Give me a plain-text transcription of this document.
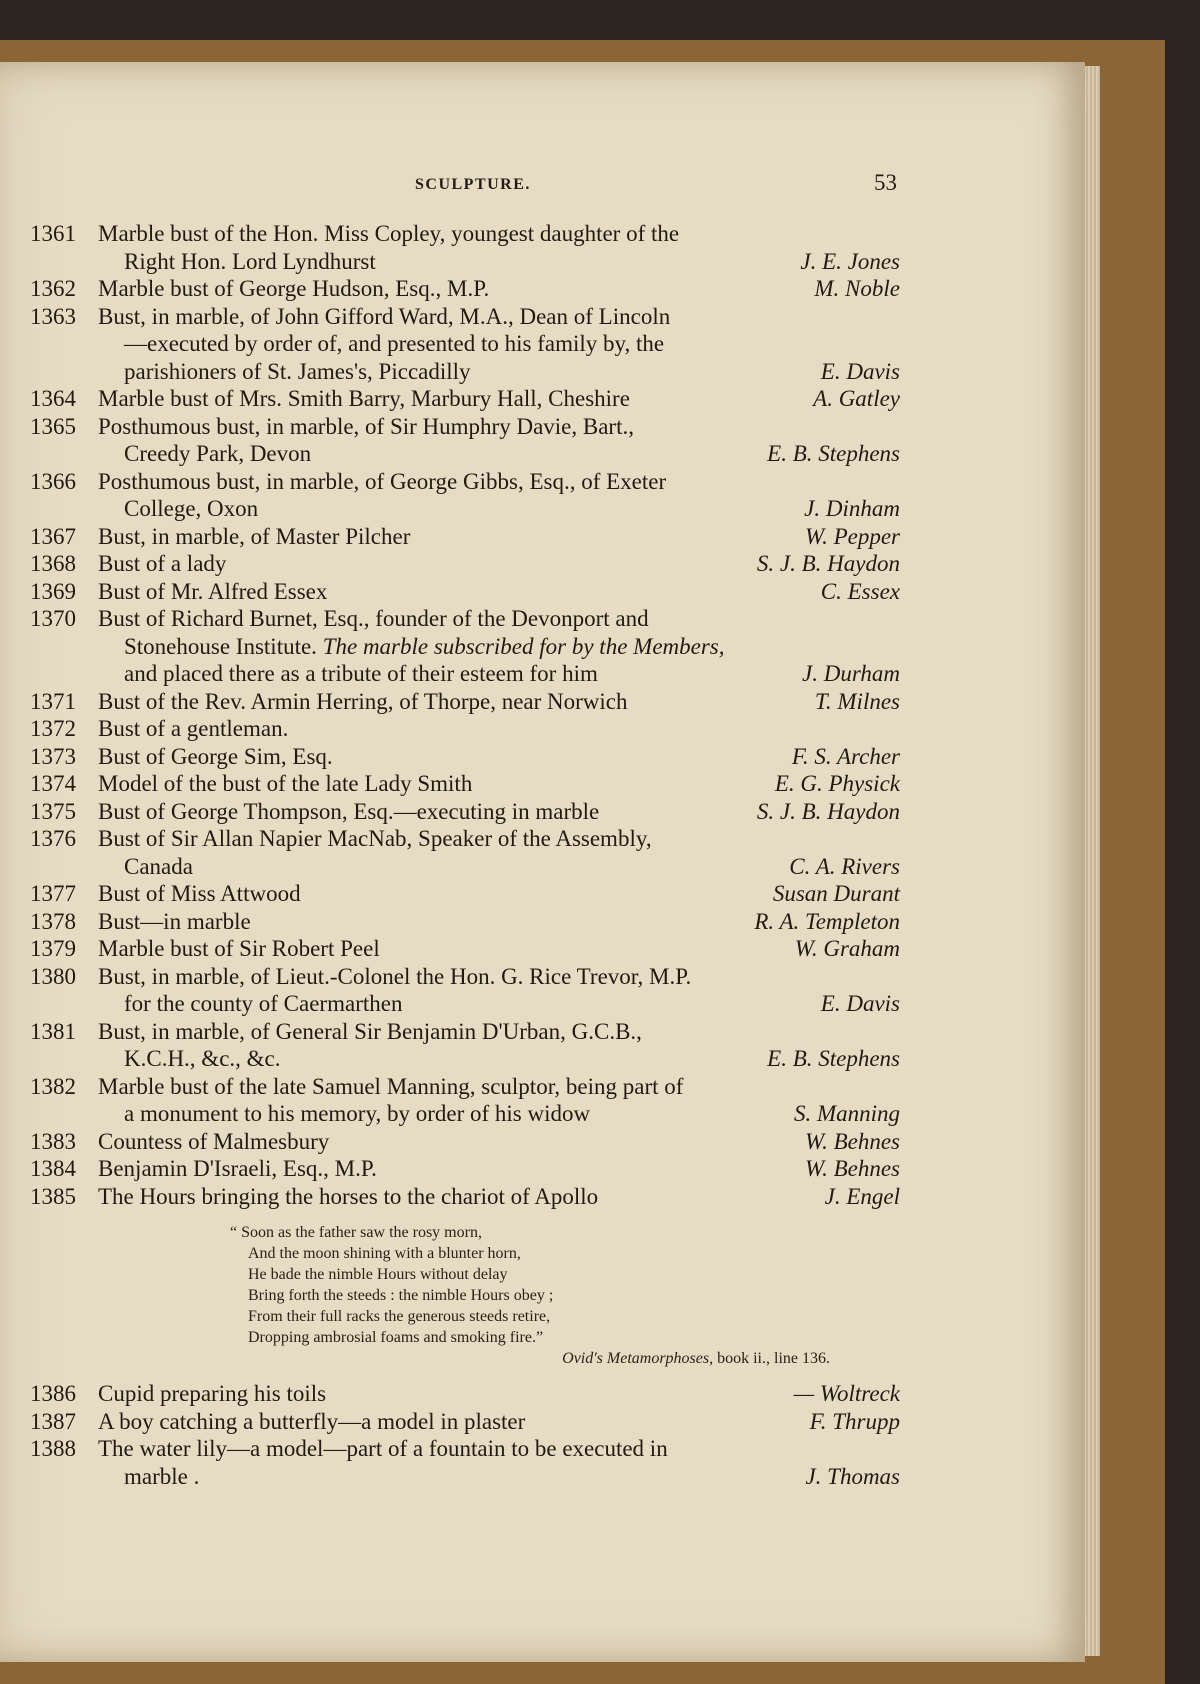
SCULPTURE.	53
1361 Marble bust of the Hon. Miss Copley, youngest daughter of the
Right Hon. Lord Lyndhurst	J. E. Jones
1362 Marble bust of George Hudson, Esq., M.P.	M. Noble
1363 Bust, in marble, of John Gifford Ward, M.A., Dean of Lincoln
—executed by order of, and presented to his family by, the
parishioners of St. James's, Piccadilly	E. Davis
1364 Marble bust of Mrs. Smith Barry, Marbury Hall, Cheshire	A. Gatley
1365 Posthumous bust, in marble, of Sir Humphry Davie, Bart.,
Creedy Park, Devon	E. B. Stephens
1366 Posthumous bust, in marble, of George Gibbs, Esq., of Exeter
College, Oxon	J. Dinham
1367 Bust, in marble, of Master Pilcher	W. Pepper
1368 Bust of a lady	S. J. B. Haydon
1369 Bust of Mr. Alfred Essex	C. Essex
1370 Bust of Richard Burnet, Esq., founder of the Devonport and
Stonehouse Institute. The marble subscribed for by the Members,
and placed there as a tribute of their esteem for him	J. Durham
1371 Bust of the Rev. Armin Herring, of Thorpe, near Norwich	T. Milnes
1372 Bust of a gentleman.
1373 Bust of George Sim, Esq.	F. S. Archer
1374 Model of the bust of the late Lady Smith	E. G. Physick
1375 Bust of George Thompson, Esq.—executing in marble	S. J. B. Haydon
1376 Bust of Sir Allan Napier MacNab, Speaker of the Assembly,
Canada	C. A. Rivers
1377 Bust of Miss Attwood	Susan Durant
1378 Bust—in marble	R. A. Templeton
1379 Marble bust of Sir Robert Peel	W. Graham
1380 Bust, in marble, of Lieut.-Colonel the Hon. G. Rice Trevor, M.P.
for the county of Caermarthen	E. Davis
1381 Bust, in marble, of General Sir Benjamin D'Urban, G.C.B.,
K.C.H., &c., &c.	E. B. Stephens
1382 Marble bust of the late Samuel Manning, sculptor, being part of
a monument to his memory, by order of his widow	S. Manning
1383 Countess of Malmesbury	W. Behnes
1384 Benjamin D'Israeli, Esq., M.P.	W. Behnes
1385 The Hours bringing the horses to the chariot of Apollo	J. Engel
“ Soon as the father saw the rosy morn,
And the moon shining with a blunter horn,
He bade the nimble Hours without delay
Bring forth the steeds : the nimble Hours obey ;
From their full racks the generous steeds retire,
Dropping ambrosial foams and smoking fire.”
Ovid's Metamorphoses, book ii., line 136.
1386 Cupid preparing his toils	— Woltreck
1387 A boy catching a butterfly—a model in plaster	F. Thrupp
1388 The water lily—a model—part of a fountain to be executed in
marble .	J. Thomas
